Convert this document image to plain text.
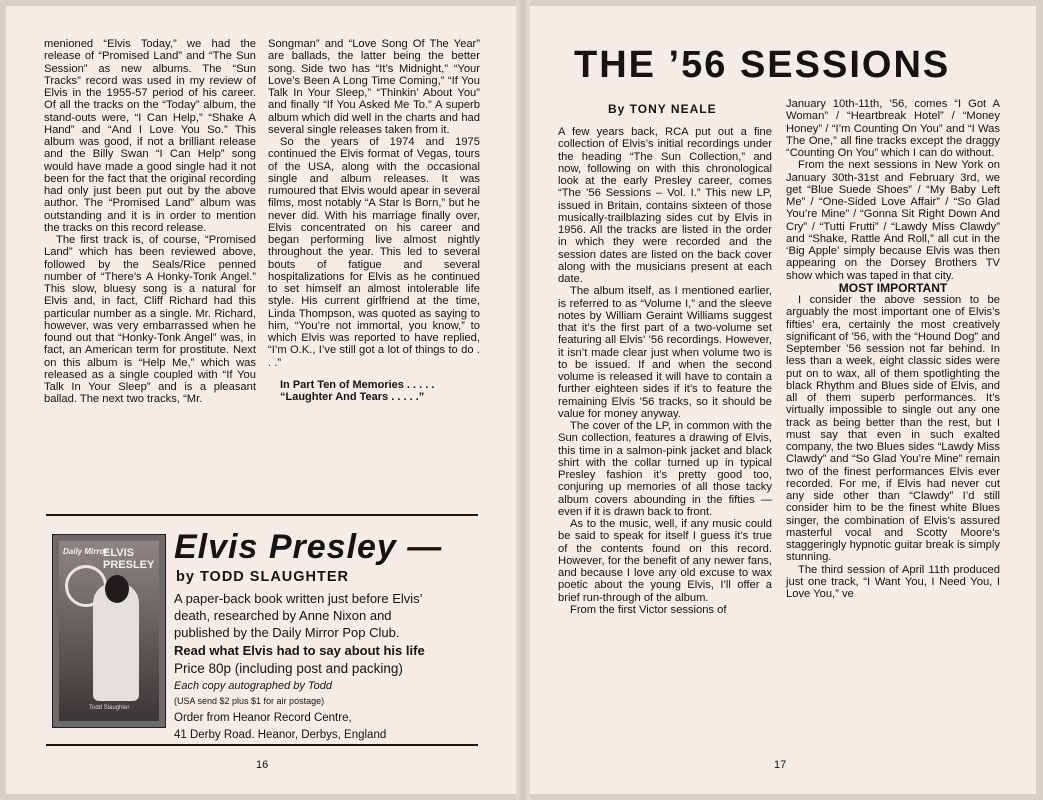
menioned “Elvis Today,” we had the release of “Promised Land” and “The Sun Session” as new albums. The “Sun Tracks” record was used in my review of Elvis in the 1955-57 period of his career. Of all the tracks on the “Today” album, the stand-outs were, “I Can Help,” “Shake A Hand” and “And I Love You So.” This album was good, if not a brilliant release and the Billy Swan “I Can Help” song would have made a good single had it not been for the fact that the original recording had only just been put out by the above author. The “Promised Land” album was outstanding and it is in order to mention the tracks on this record release.

The first track is, of course, “Promised Land” which has been reviewed above, followed by the Seals/Rice penned number of “There’s A Honky-Tonk Angel.” This slow, bluesy song is a natural for Elvis and, in fact, Cliff Richard had this particular number as a single. Mr. Richard, however, was very embarrassed when he found out that “Honky-Tonk Angel” was, in fact, an American term for prostitute. Next on this album is “Help Me,” which was released as a single coupled with “If You Talk In Your Sleep” and is a pleasant ballad. The next two tracks, “Mr.

Songman” and “Love Song Of The Year” are ballads, the latter being the better song. Side two has “It’s Midnight,” “Your Love’s Been A Long Time Coming,” “If You Talk In Your Sleep,” “Thinkin’ About You” and finally “If You Asked Me To.” A superb album which did well in the charts and had several single releases taken from it.

So the years of 1974 and 1975 continued the Elvis format of Vegas, tours of the USA, along with the occasional single and album releases. It was rumoured that Elvis would apear in several films, most notably “A Star Is Born,” but he never did. With his marriage finally over, Elvis concentrated on his career and began performing live almost nightly throughout the year. This led to several bouts of fatigue and several hospitalizations for Elvis as he continued to set himself an almost intolerable life style. His current girlfriend at the time, Linda Thompson, was quoted as saying to him, “You’re not immortal, you know,” to which Elvis was reported to have replied, “I’m O.K., I’ve still got a lot of things to do . . .”

In Part Ten of Memories . . . . .
“Laughter And Tears . . . . .”
Daily Mirror
ELVIS
PRESLEY
Todd Slaughter
Elvis Presley —
by TODD SLAUGHTER
A paper-back book written just before Elvis’
death, researched by Anne Nixon and
published by the Daily Mirror Pop Club.
Read what Elvis had to say about his life
Price 80p (including post and packing)
Each copy autographed by Todd
(USA send $2 plus $1 for air postage)
Order from Heanor Record Centre,
41 Derby Road. Heanor, Derbys, England
16
THE ’56 SESSIONS
By TONY NEALE

A few years back, RCA put out a fine collection of Elvis’s initial recordings under the heading “The Sun Collection,” and now, following on with this chronological look at the early Presley career, comes “The ’56 Sessions – Vol. I.” This new LP, issued in Britain, contains sixteen of those musically-trailblazing sides cut by Elvis in 1956. All the tracks are listed in the order in which they were recorded and the session dates are listed on the back cover along with the musicians present at each date.

The album itself, as I mentioned earlier, is referred to as “Volume I,” and the sleeve notes by William Geraint Williams suggest that it’s the first part of a two-volume set featuring all Elvis’ ’56 recordings. However, it isn’t made clear just when volume two is to be issued. If and when the second volume is released it will have to contain a further eighteen sides if it’s to feature the remaining Elvis ’56 tracks, so it should be value for money anyway.

The cover of the LP, in common with the Sun collection, features a drawing of Elvis, this time in a salmon-pink jacket and black shirt with the collar turned up in typical Presley fashion it’s pretty good too, conjuring up memories of all those tacky album covers abounding in the fifties — even if it is drawn back to front.

As to the music, well, if any music could be said to speak for itself I guess it’s true of the contents found on this record. However, for the benefit of any newer fans, and because I love any old excuse to wax poetic about the young Elvis, I’ll offer a brief run-through of the album.

From the first Victor sessions of

January 10th-11th, ’56, comes “I Got A Woman” / “Heartbreak Hotel” / “Money Honey” / “I’m Counting On You” and “I Was The One,” all fine tracks except the draggy “Counting On You” which I can do without.

From the next sessions in New York on January 30th-31st and February 3rd, we get “Blue Suede Shoes” / “My Baby Left Me” / “One-Sided Love Affair” / “So Glad You’re Mine” / “Gonna Sit Right Down And Cry” / “Tutti Frutti” / “Lawdy Miss Clawdy” and “Shake, Rattle And Roll,” all cut in the ‘Big Apple’ simply because Elvis was then appearing on the Dorsey Brothers TV show which was taped in that city.

MOST IMPORTANT

I consider the above session to be arguably the most important one of Elvis’s fifties’ era, certainly the most creatively significant of ’56, with the “Hound Dog” and September ’56 session not far behind. In less than a week, eight classic sides were put on to wax, all of them spotlighting the black Rhythm and Blues side of Elvis, and all of them superb performances. It’s virtually impossible to single out any one track as being better than the rest, but I must say that even in such exalted company, the two Blues sides “Lawdy Miss Clawdy” and “So Glad You’re Mine” remain two of the finest performances Elvis ever recorded. For me, if Elvis had never cut any side other than “Clawdy” I’d still consider him to be the finest white Blues singer, the combination of Elvis’s assured masterful vocal and Scotty Moore’s staggeringly hypnotic guitar break is simply stunning.

The third session of April 11th produced just one track, “I Want You, I Need You, I Love You,” ve

17
